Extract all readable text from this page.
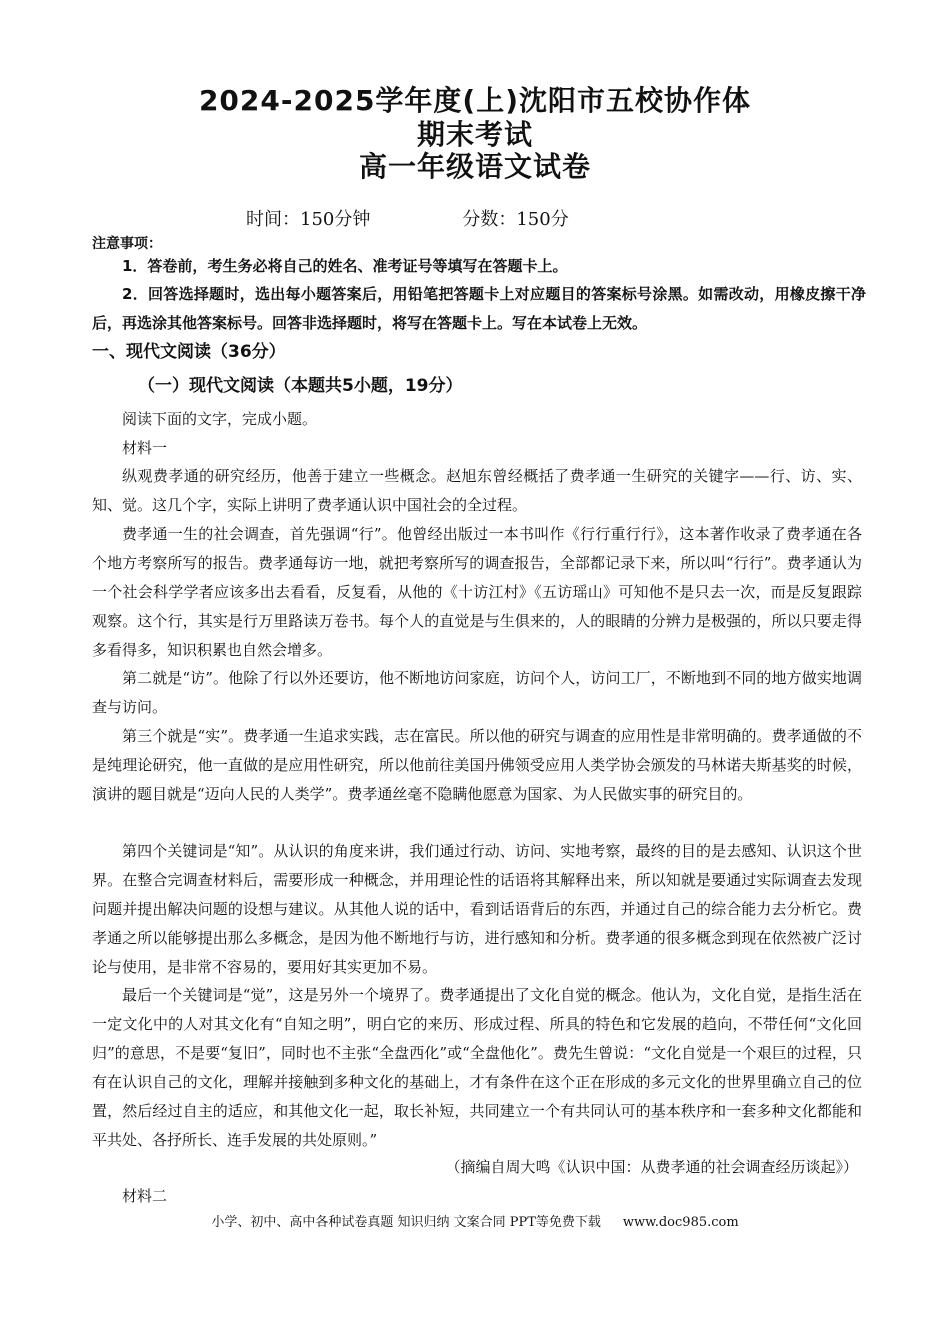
2024-2025学年度(上)沈阳市五校协作体
期末考试
高一年级语文试卷
时间：150分钟	分数：150分
注意事项：
1．答卷前，考生务必将自己的姓名、准考证号等填写在答题卡上。
2．回答选择题时，选出每小题答案后，用铅笔把答题卡上对应题目的答案标号涂黑。如需改动，用橡皮擦干净后，再选涂其他答案标号。回答非选择题时，将写在答题卡上。写在本试卷上无效。
一、现代文阅读（36分）
（一）现代文阅读（本题共5小题，19分）
阅读下面的文字，完成小题。
材料一
纵观费孝通的研究经历，他善于建立一些概念。赵旭东曾经概括了费孝通一生研究的关键字——行、访、实、知、觉。这几个字，实际上讲明了费孝通认识中国社会的全过程。
费孝通一生的社会调查，首先强调“行”。他曾经出版过一本书叫作《行行重行行》，这本著作收录了费孝通在各个地方考察所写的报告。费孝通每访一地，就把考察所写的调查报告，全部都记录下来，所以叫“行行”。费孝通认为一个社会科学学者应该多出去看看，反复看，从他的《十访江村》《五访瑶山》可知他不是只去一次，而是反复跟踪观察。这个行，其实是行万里路读万卷书。每个人的直觉是与生俱来的，人的眼睛的分辨力是极强的，所以只要走得多看得多，知识积累也自然会增多。
第二就是“访”。他除了行以外还要访，他不断地访问家庭，访问个人，访问工厂，不断地到不同的地方做实地调查与访问。
第三个就是“实”。费孝通一生追求实践，志在富民。所以他的研究与调查的应用性是非常明确的。费孝通做的不是纯理论研究，他一直做的是应用性研究，所以他前往美国丹佛领受应用人类学协会颁发的马林诺夫斯基奖的时候，演讲的题目就是“迈向人民的人类学”。费孝通丝毫不隐瞒他愿意为国家、为人民做实事的研究目的。
第四个关键词是“知”。从认识的角度来讲，我们通过行动、访问、实地考察，最终的目的是去感知、认识这个世界。在整合完调查材料后，需要形成一种概念，并用理论性的话语将其解释出来，所以知就是要通过实际调查去发现问题并提出解决问题的设想与建议。从其他人说的话中，看到话语背后的东西，并通过自己的综合能力去分析它。费孝通之所以能够提出那么多概念，是因为他不断地行与访，进行感知和分析。费孝通的很多概念到现在依然被广泛讨论与使用，是非常不容易的，要用好其实更加不易。
最后一个关键词是“觉”，这是另外一个境界了。费孝通提出了文化自觉的概念。他认为，文化自觉，是指生活在一定文化中的人对其文化有“自知之明”，明白它的来历、形成过程、所具的特色和它发展的趋向，不带任何“文化回归”的意思，不是要“复旧”，同时也不主张“全盘西化”或“全盘他化”。费先生曾说：“文化自觉是一个艰巨的过程，只有在认识自己的文化，理解并接触到多种文化的基础上，才有条件在这个正在形成的多元文化的世界里确立自己的位置，然后经过自主的适应，和其他文化一起，取长补短，共同建立一个有共同认可的基本秩序和一套多种文化都能和平共处、各抒所长、连手发展的共处原则。”
（摘编自周大鸣《认识中国：从费孝通的社会调查经历谈起》）
材料二
小学、初中、高中各种试卷真题 知识归纳 文案合同 PPT等免费下载 www.doc985.com
